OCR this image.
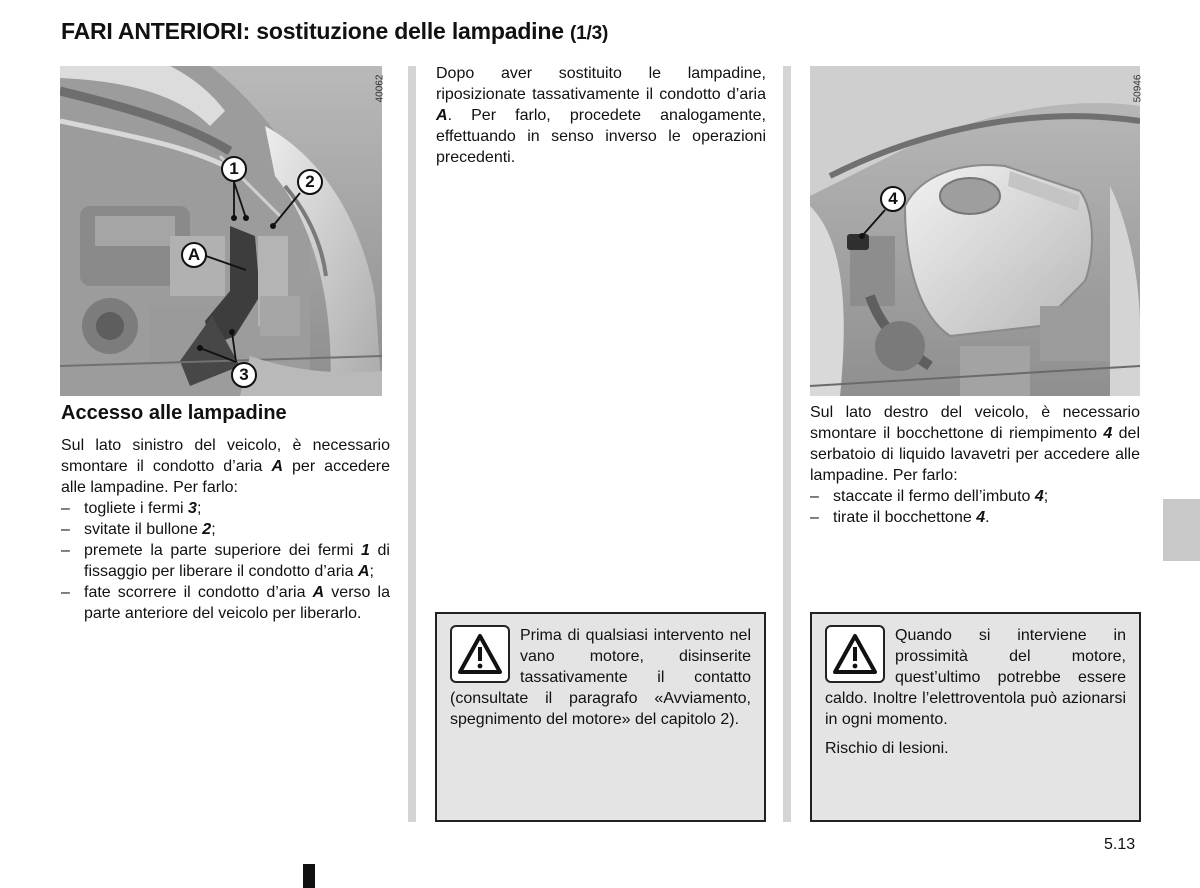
FARI ANTERIORI: sostituzione delle lampadine (1/3)
40062
1
2
A
3
Accesso alle lampadine
Sul lato sinistro del veicolo, è necessario smontare il condotto d’aria A per accedere alle lampadine. Per farlo:
– togliete i fermi 3;
– svitate il bullone 2;
– premete la parte superiore dei fermi 1 di fissaggio per liberare il condotto d’aria A;
– fate scorrere il condotto d’aria A verso la parte anteriore del veicolo per liberarlo.
Dopo aver sostituito le lampadine, riposizionate tassativamente il condotto d’aria A. Per farlo, procedete analogamente, effettuando in senso inverso le operazioni precedenti.
Prima di qualsiasi intervento nel vano motore, disinserite tassativamente il contatto (consultate il paragrafo «Avviamento, spegnimento del motore» del capitolo 2).
50946
4
Sul lato destro del veicolo, è necessario smontare il bocchettone di riempimento 4 del serbatoio di liquido lavavetri per accedere alle lampadine. Per farlo:
– staccate il fermo dell’imbuto 4;
– tirate il bocchettone 4.
Quando si interviene in prossimità del motore, quest’ultimo potrebbe essere caldo. Inoltre l’elettroventola può azionarsi in ogni momento.
Rischio di lesioni.
5.13
